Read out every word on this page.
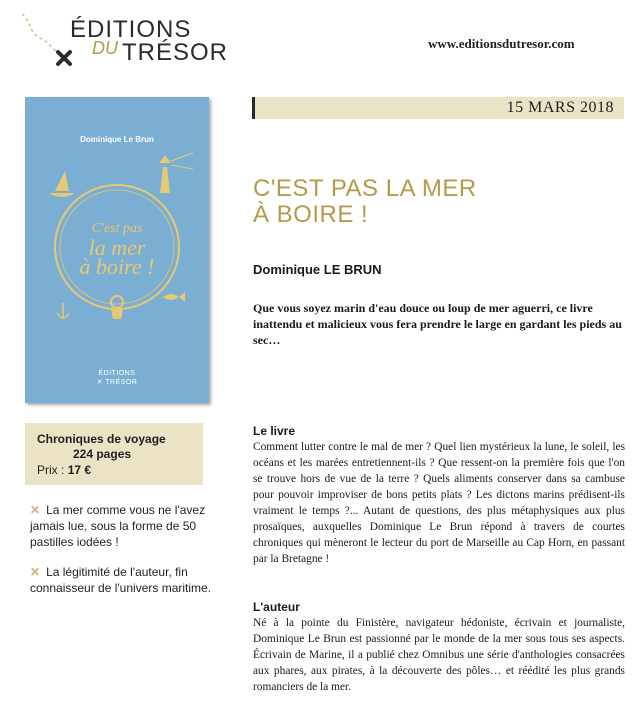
ÉDITIONS
DU TRÉSOR	www.editionsdutresor.com
15 MARS 2018
Dominique Le Brun
C'est pas
la mer
à boire !
ÉDITIONS
✕ TRÉSOR
Chroniques de voyage
224 pages
Prix : 17 €
✕ La mer comme vous ne l'avez jamais lue, sous la forme de 50 pastilles iodées !
✕ La légitimité de l'auteur, fin connaisseur de l'univers maritime.
C'EST PAS LA MER
À BOIRE !
Dominique LE BRUN
Que vous soyez marin d'eau douce ou loup de mer aguerri, ce livre inattendu et malicieux vous fera prendre le large en gardant les pieds au sec…
Le livre
Comment lutter contre le mal de mer ? Quel lien mystérieux la lune, le soleil, les océans et les marées entretiennent-ils ? Que ressent-on la première fois que l'on se trouve hors de vue de la terre ? Quels aliments conserver dans sa cambuse pour pouvoir improviser de bons petits plats ? Les dictons marins prédisent-ils vraiment le temps ?... Autant de questions, des plus métaphysiques aux plus prosaïques, auxquelles Dominique Le Brun répond à travers de courtes chroniques qui mèneront le lecteur du port de Marseille au Cap Horn, en passant par la Bretagne !
L'auteur
Né à la pointe du Finistère, navigateur hédoniste, écrivain et journaliste, Dominique Le Brun est passionné par le monde de la mer sous tous ses aspects. Écrivain de Marine, il a publié chez Omnibus une série d'anthologies consacrées aux phares, aux pirates, à la découverte des pôles… et réédité les plus grands romanciers de la mer.
